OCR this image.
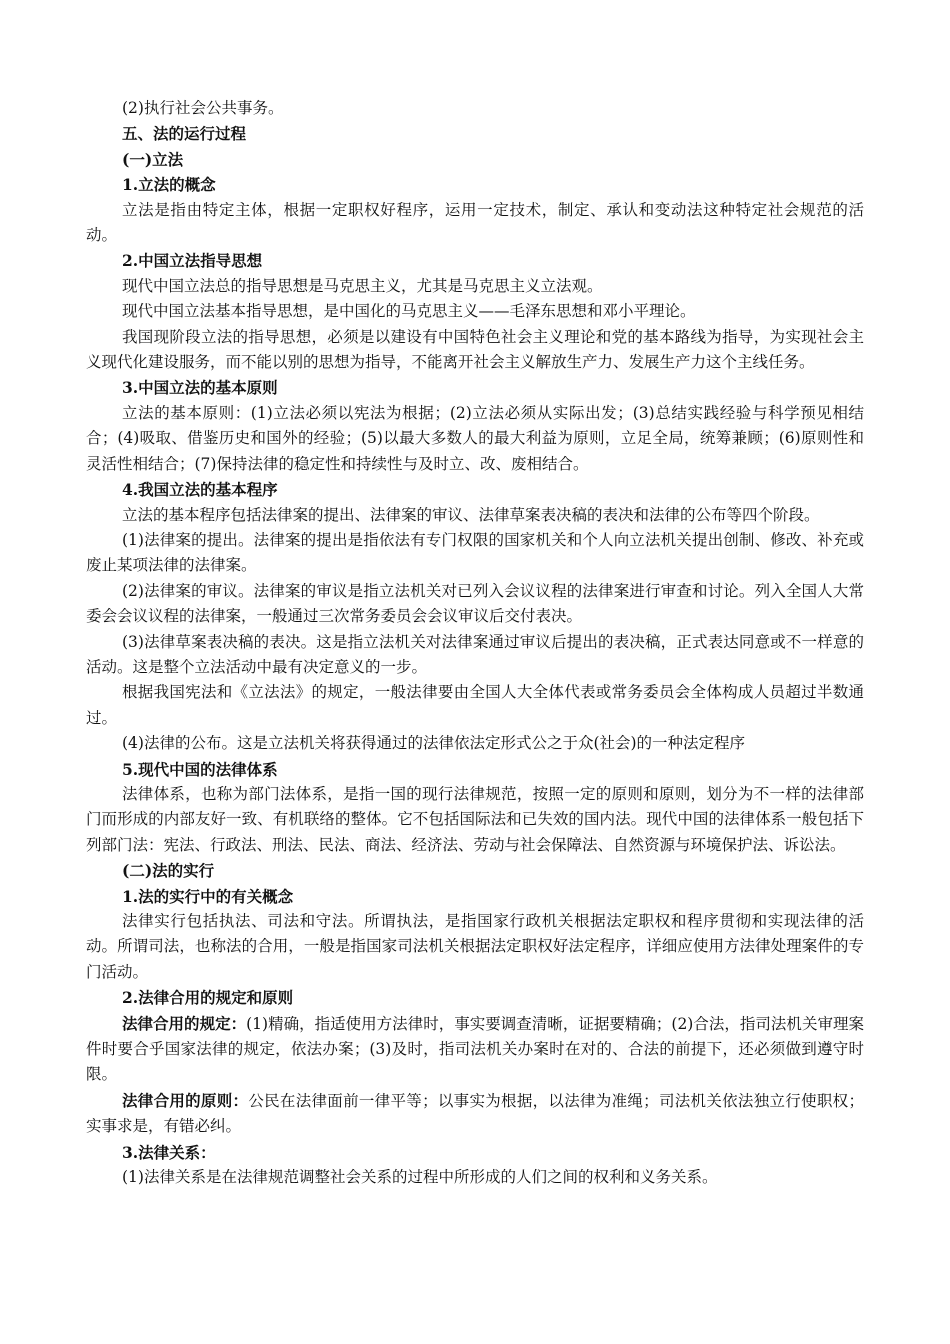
(2)执行社会公共事务。

五、法的运行过程

(一)立法

1.立法的概念

立法是指由特定主体，根据一定职权好程序，运用一定技术，制定、承认和变动法这种特定社会规范的活动。

2.中国立法指导思想

现代中国立法总的指导思想是马克思主义，尤其是马克思主义立法观。

现代中国立法基本指导思想，是中国化的马克思主义——毛泽东思想和邓小平理论。

我国现阶段立法的指导思想，必须是以建设有中国特色社会主义理论和党的基本路线为指导，为实现社会主义现代化建设服务，而不能以别的思想为指导，不能离开社会主义解放生产力、发展生产力这个主线任务。

3.中国立法的基本原则

立法的基本原则：(1)立法必须以宪法为根据；(2)立法必须从实际出发；(3)总结实践经验与科学预见相结合；(4)吸取、借鉴历史和国外的经验；(5)以最大多数人的最大利益为原则，立足全局，统筹兼顾；(6)原则性和灵活性相结合；(7)保持法律的稳定性和持续性与及时立、改、废相结合。

4.我国立法的基本程序

立法的基本程序包括法律案的提出、法律案的审议、法律草案表决稿的表决和法律的公布等四个阶段。

(1)法律案的提出。法律案的提出是指依法有专门权限的国家机关和个人向立法机关提出创制、修改、补充或废止某项法律的法律案。

(2)法律案的审议。法律案的审议是指立法机关对已列入会议议程的法律案进行审查和讨论。列入全国人大常委会会议议程的法律案，一般通过三次常务委员会会议审议后交付表决。

(3)法律草案表决稿的表决。这是指立法机关对法律案通过审议后提出的表决稿，正式表达同意或不一样意的活动。这是整个立法活动中最有决定意义的一步。

根据我国宪法和《立法法》的规定，一般法律要由全国人大全体代表或常务委员会全体构成人员超过半数通过。

(4)法律的公布。这是立法机关将获得通过的法律依法定形式公之于众(社会)的一种法定程序

5.现代中国的法律体系

法律体系，也称为部门法体系，是指一国的现行法律规范，按照一定的原则和原则，划分为不一样的法律部门而形成的内部友好一致、有机联络的整体。它不包括国际法和已失效的国内法。现代中国的法律体系一般包括下列部门法：宪法、行政法、刑法、民法、商法、经济法、劳动与社会保障法、自然资源与环境保护法、诉讼法。

(二)法的实行

1.法的实行中的有关概念

法律实行包括执法、司法和守法。所谓执法，是指国家行政机关根据法定职权和程序贯彻和实现法律的活动。所谓司法，也称法的合用，一般是指国家司法机关根据法定职权好法定程序，详细应使用方法律处理案件的专门活动。

2.法律合用的规定和原则

法律合用的规定：(1)精确，指适使用方法律时，事实要调查清晰，证据要精确；(2)合法，指司法机关审理案件时要合乎国家法律的规定，依法办案；(3)及时，指司法机关办案时在对的、合法的前提下，还必须做到遵守时限。

法律合用的原则：公民在法律面前一律平等；以事实为根据，以法律为准绳；司法机关依法独立行使职权；实事求是，有错必纠。

3.法律关系：

(1)法律关系是在法律规范调整社会关系的过程中所形成的人们之间的权利和义务关系。
